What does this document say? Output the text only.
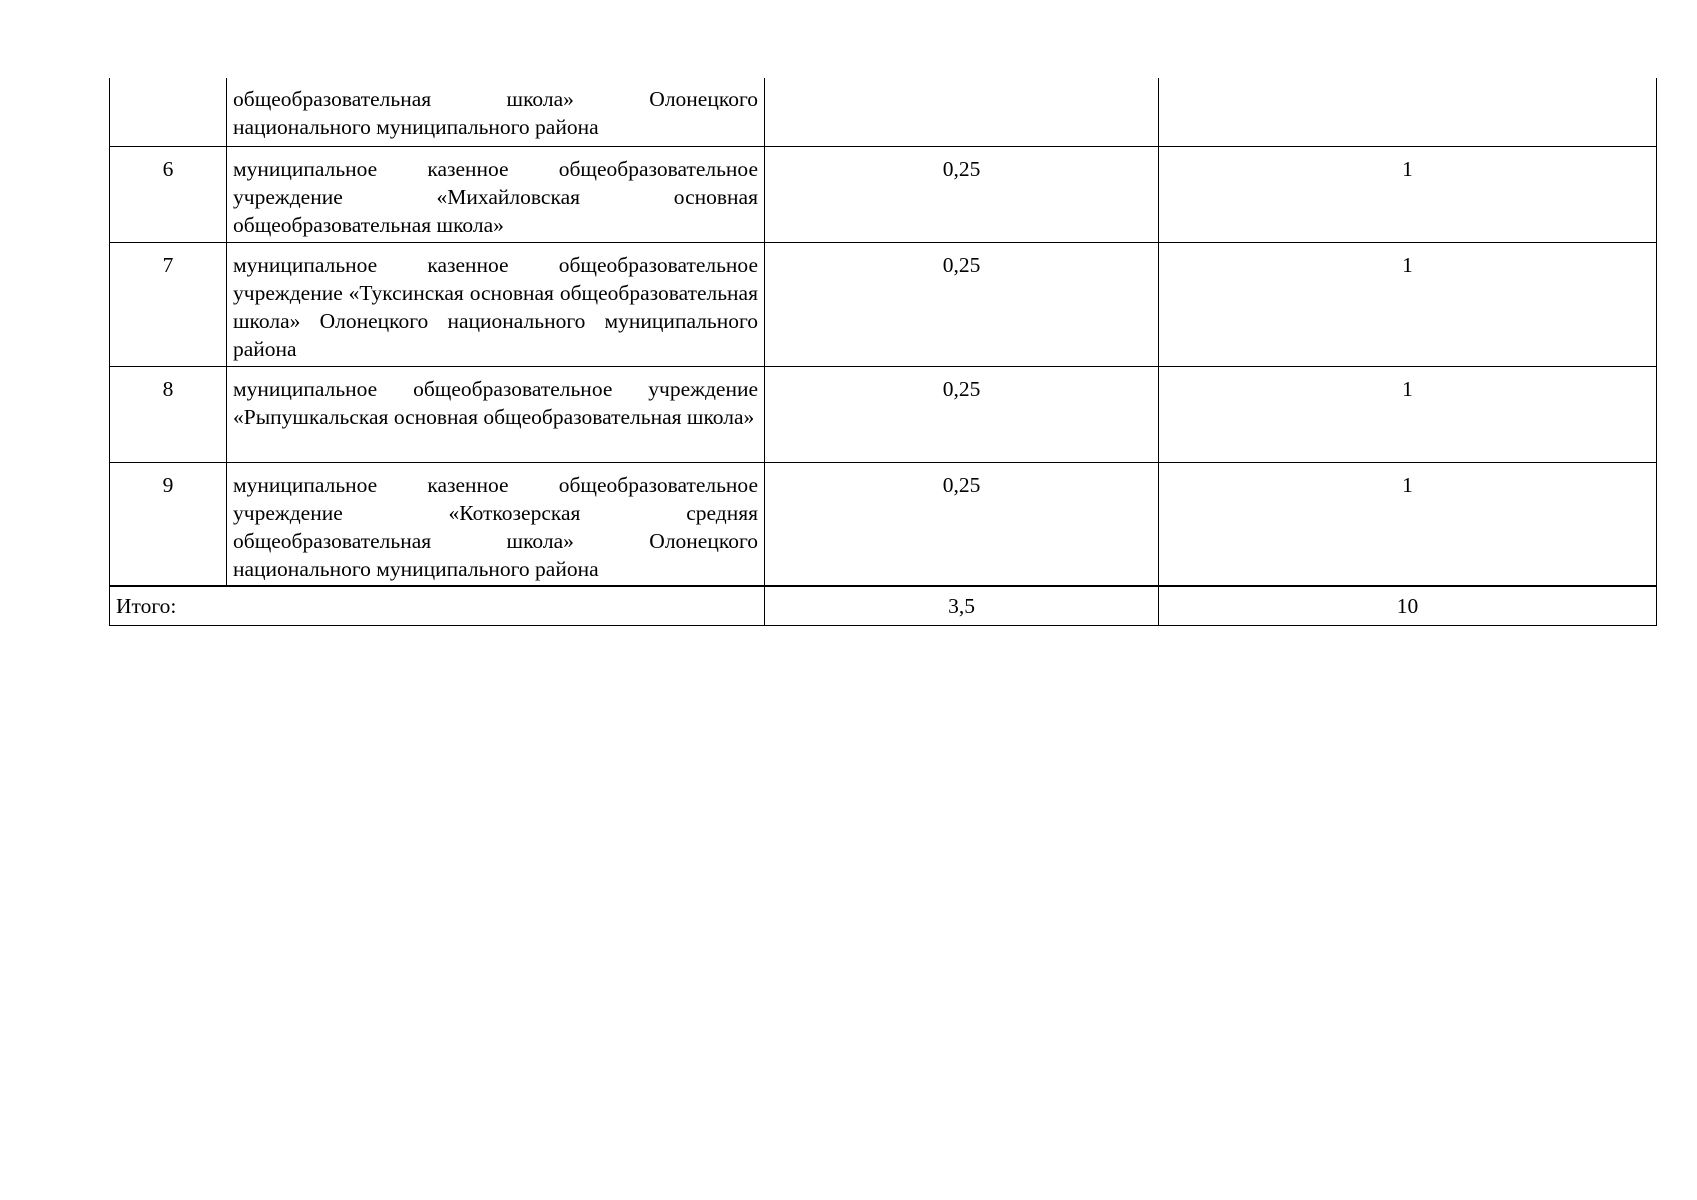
	общеобразовательная школа» Олонецкого национального муниципального района		

6	муниципальное казенное общеобразовательное учреждение «Михайловская основная общеобразовательная школа»	0,25	1
7	муниципальное казенное общеобразовательное учреждение «Туксинская основная общеобразовательная школа» Олонецкого национального муниципального района	0,25	1
8	муниципальное общеобразовательное учреждение «Рыпушкальская основная общеобразовательная школа»	0,25	1
9	муниципальное казенное общеобразовательное учреждение «Коткозерская средняя общеобразовательная школа» Олонецкого национального муниципального района	0,25	1
Итого:		3,5	10
